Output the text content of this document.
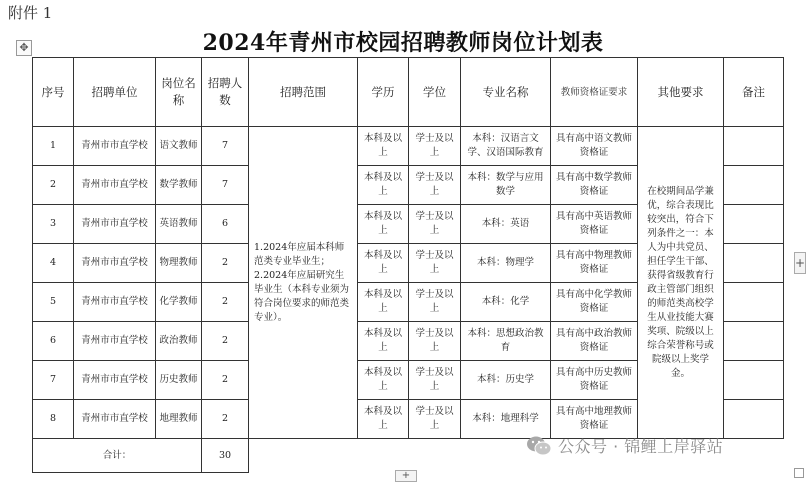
附件 1
✥	2024年青州市校园招聘教师岗位计划表
序号	招聘单位	岗位名称	招聘人数	招聘范围	学历	学位	专业名称	教师资格证要求	其他要求	备注
1	青州市市直学校	语文教师	7	1.2024年应届本科师范类专业毕业生；2.2024年应届研究生毕业生（本科专业须为符合岗位要求的师范类专业）。	本科及以上	学士及以上	本科：汉语言文学、汉语国际教育	具有高中语文教师资格证	在校期间品学兼优，综合表现比较突出，符合下列条件之一：本人为中共党员、担任学生干部、获得省级教育行政主管部门组织的师范类高校学生从业技能大赛奖项、院级以上综合荣誉称号或院级以上奖学金。	
2	青州市市直学校	数学教师	7		本科及以上	学士及以上	本科：数学与应用数学	具有高中数学教师资格证		
3	青州市市直学校	英语教师	6		本科及以上	学士及以上	本科：英语	具有高中英语教师资格证		
4	青州市市直学校	物理教师	2		本科及以上	学士及以上	本科：物理学	具有高中物理教师资格证		
5	青州市市直学校	化学教师	2		本科及以上	学士及以上	本科：化学	具有高中化学教师资格证		
6	青州市市直学校	政治教师	2		本科及以上	学士及以上	本科：思想政治教育	具有高中政治教师资格证		
7	青州市市直学校	历史教师	2		本科及以上	学士及以上	本科：历史学	具有高中历史教师资格证		
8	青州市市直学校	地理教师	2		本科及以上	学士及以上	本科：地理科学	具有高中地理教师资格证		
合计：			30							
+
+
公众号 · 锦鲤上岸驿站
